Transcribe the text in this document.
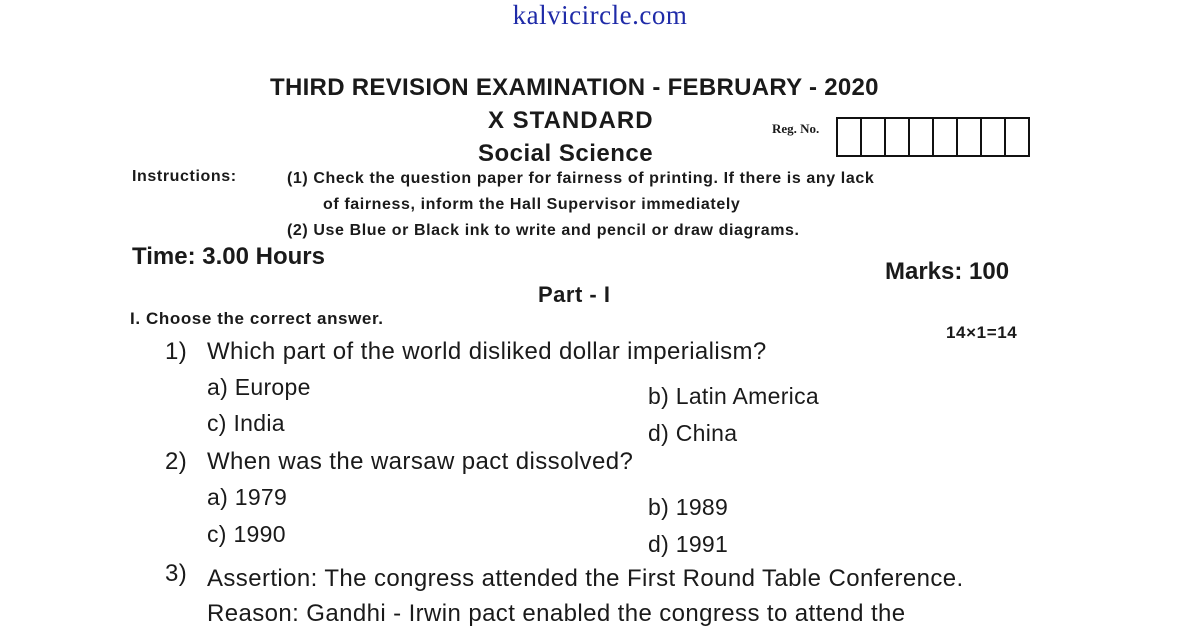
kalvicircle.com
THIRD REVISION EXAMINATION - FEBRUARY - 2020
X STANDARD
Social Science
Reg. No.
Instructions:	(1) Check the question paper for fairness of printing. If there is any lack
of fairness, inform the Hall Supervisor immediately
(2) Use Blue or Black ink to write and pencil or draw diagrams.
Time: 3.00 Hours
Marks: 100
Part - I
I. Choose the correct answer.
14×1=14
1) Which part of the world disliked dollar imperialism?
a) Europe	b) Latin America
c) India	d) China
2) When was the warsaw pact dissolved?
a) 1979	b) 1989
c) 1990	d) 1991
3) Assertion: The congress attended the First Round Table Conference.
Reason: Gandhi - Irwin pact enabled the congress to attend the
